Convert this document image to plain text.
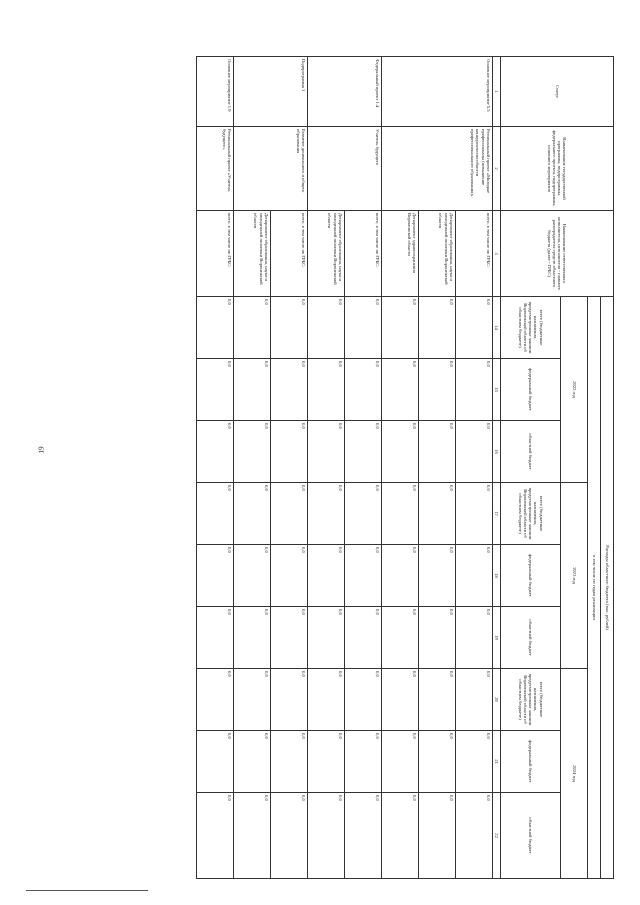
19
Статус	Наименование государственной программы, подпрограммы, федерального проекта, подпрограммы, основного мероприятия	Наименование ответственного исполнителя, исполнителя - главного распорядителя средств областного бюджета (далее - ГРБС)	Расходы областного бюджета (тыс. рублей)								
			в том числе по годам реализации								
			2022 год			2023 год			2024 год		
			всего (бюджетные назначения, предусмотренные законом Воронежской области об областном бюджете)	федеральный бюджет	областной бюджет	всего (бюджетные назначения, предусмотренные законом Воронежской области об областном бюджете)	федеральный бюджет	областной бюджет	всего (бюджетные назначения, предусмотренные законом Воронежской области об областном бюджете)	федеральный бюджет	областной бюджет
1	2	3	14	15	16	17	18	19	20	21	22
Основное мероприятие 5.5	Региональный проект «Молодые профессионалы (повышение конкурентоспособности профессионального образования)»	всего, в том числе по ГРБС:	0,0	0,0	0,0	0,0	0,0	0,0	0,0	0,0	0,0
		Департамент образования, науки и молодежной политики Воронежской области	0,0	0,0	0,0	0,0	0,0	0,0	0,0	0,0	0,0
		Департамент здравоохранения Воронежской области	0,0	0,0	0,0	0,0	0,0	0,0	0,0	0,0	0,0
Федеральный проект 1.4	Учитель будущего	всего, в том числе по ГРБС:	0,0	0,0	0,0	0,0	0,0	0,0	0,0	0,0	0,0
		Департамент образования, науки и молодежной политики Воронежской области	0,0	0,0	0,0	0,0	0,0	0,0	0,0	0,0	0,0
Подпрограмма 1	Развитие дошкольного и общего образования	всего, в том числе по ГРБС:	0,0	0,0	0,0	0,0	0,0	0,0	0,0	0,0	0,0
		Департамент образования, науки и молодежной политики Воронежской области	0,0	0,0	0,0	0,0	0,0	0,0	0,0	0,0	0,0
Основное мероприятие 1.9	Региональный проект «Учитель будущего»	всего, в том числе по ГРБС:	0,0	0,0	0,0	0,0	0,0	0,0	0,0	0,0	0,0
